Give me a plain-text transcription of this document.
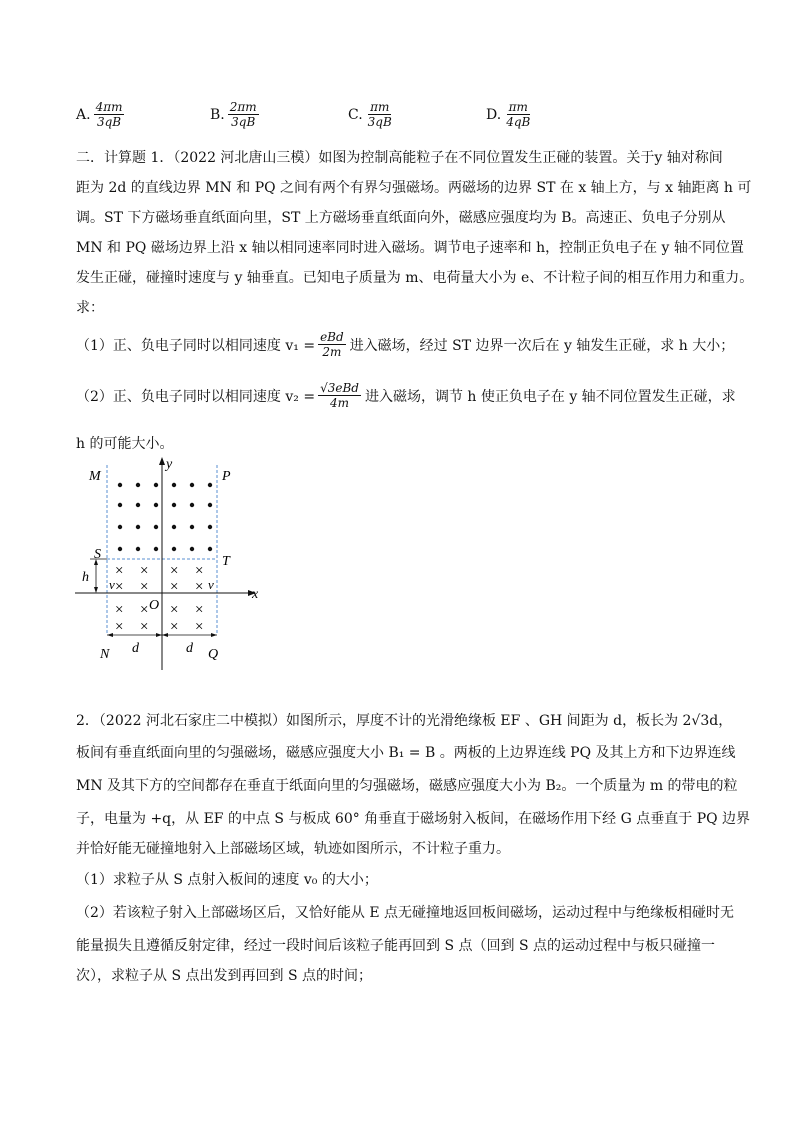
A. $\frac{4\pi m}{3qB}$	B. $\frac{2\pi m}{3qB}$	C. $\frac{\pi m}{3qB}$	D. $\frac{\pi m}{4qB}$
二．计算题 1．（2022 河北唐山三模）如图为控制高能粒子在不同位置发生正碰的装置。关于y 轴对称间
距为 2d 的直线边界 MN 和 PQ 之间有两个有界匀强磁场。两磁场的边界 ST 在 x 轴上方，与 x 轴距离 h 可
调。ST 下方磁场垂直纸面向里，ST 上方磁场垂直纸面向外，磁感应强度均为 B。高速正、负电子分别从
MN 和 PQ 磁场边界上沿 x 轴以相同速率同时进入磁场。调节电子速率和 h，控制正负电子在 y 轴不同位置
发生正碰，碰撞时速度与 y 轴垂直。已知电子质量为 m、电荷量大小为 e、不计粒子间的相互作用力和重力。
求：
（1）正、负电子同时以相同速度 $v_1 = \frac{\text{eBd}}{2m}$ 进入磁场，经过 ST 边界一次后在 y 轴发生正碰，求 h 大小；
（2）正、负电子同时以相同速度 $v_2 = \frac{\text{√3eBd}}{4m}$ 进入磁场，调节 h 使正负电子在 y 轴不同位置发生正碰，求
h 的可能大小。
× × × ×
× × × ×
× × × ×
× × × ×
M	P
S	T
N	Q
O
x
y
h
d	d
v	v
2．（2022 河北石家庄二中模拟）如图所示，厚度不计的光滑绝缘板 EF 、GH 间距为 d，板长为 2√3d，
板间有垂直纸面向里的匀强磁场，磁感应强度大小 B₁ = B 。两板的上边界连线 PQ 及其上方和下边界连线
MN 及其下方的空间都存在垂直于纸面向里的匀强磁场，磁感应强度大小为 B₂。一个质量为 m 的带电的粒
子，电量为 +q，从 EF 的中点 S 与板成 60° 角垂直于磁场射入板间，在磁场作用下经 G 点垂直于 PQ 边界
并恰好能无碰撞地射入上部磁场区域，轨迹如图所示，不计粒子重力。
（1）求粒子从 S 点射入板间的速度 v₀ 的大小；
（2）若该粒子射入上部磁场区后，又恰好能从 E 点无碰撞地返回板间磁场，运动过程中与绝缘板相碰时无
能量损失且遵循反射定律，经过一段时间后该粒子能再回到 S 点（回到 S 点的运动过程中与板只碰撞一
次），求粒子从 S 点出发到再回到 S 点的时间；
